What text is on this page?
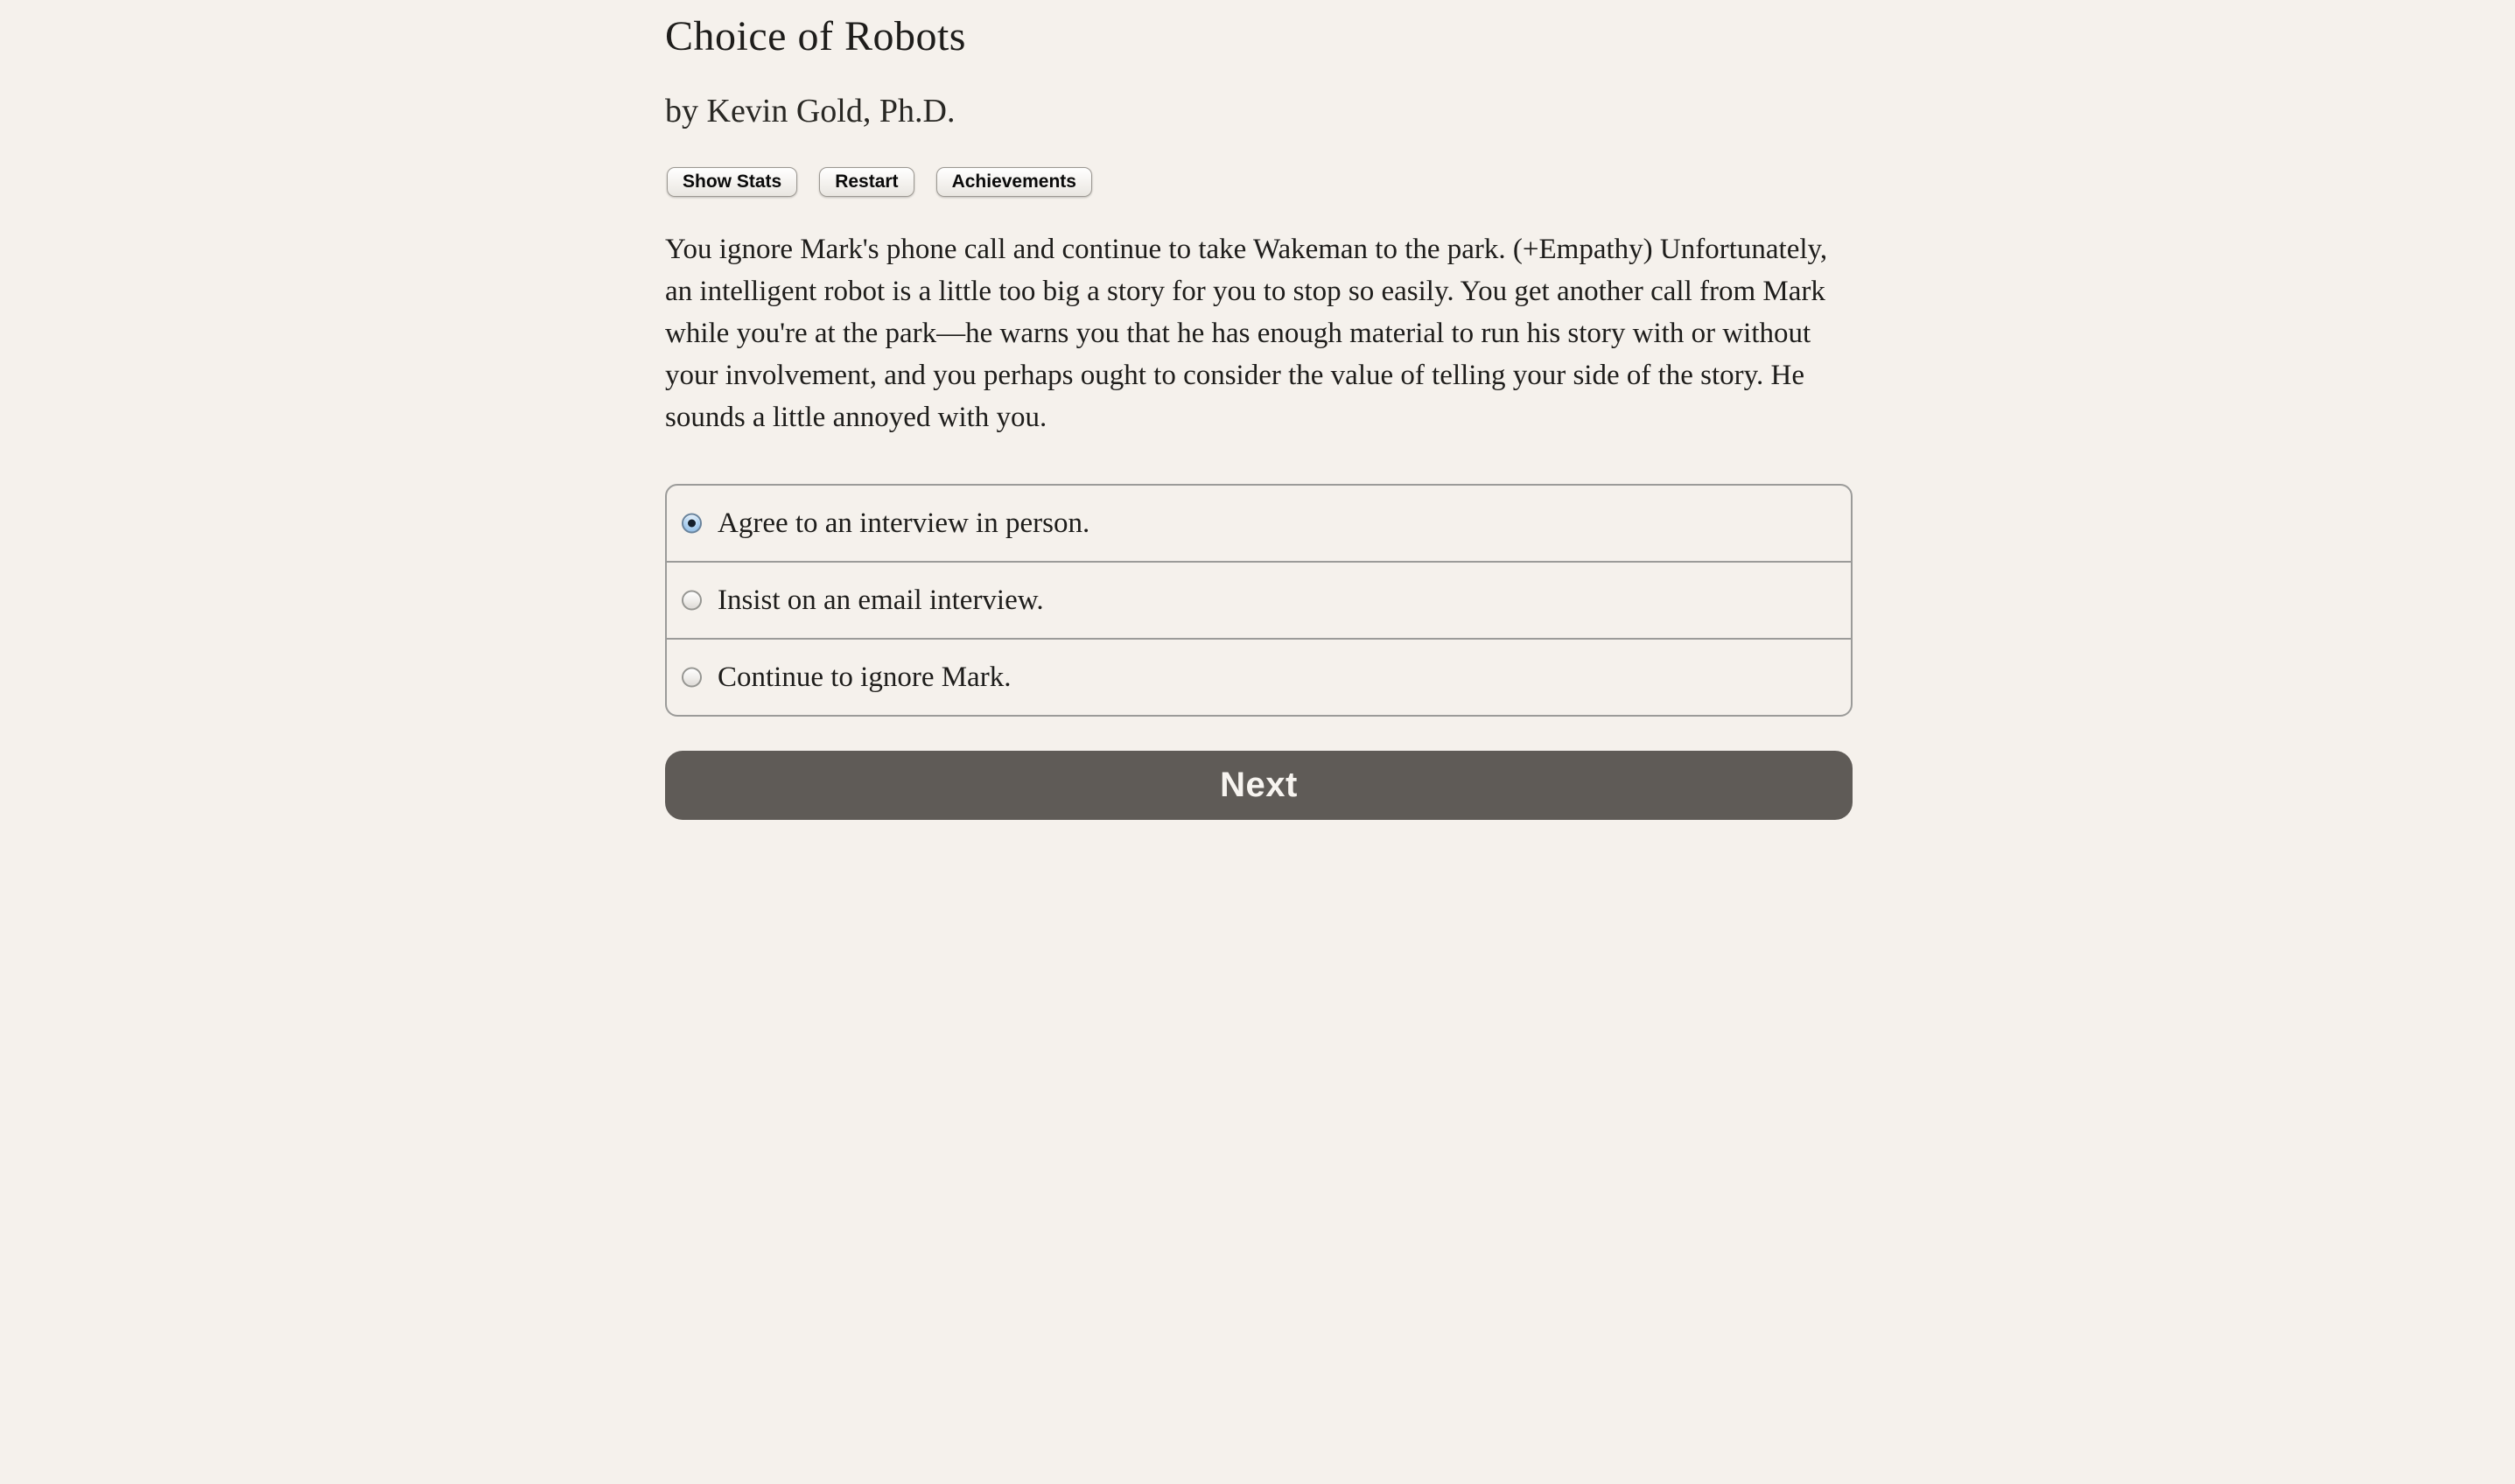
Choice of Robots
by Kevin Gold, Ph.D.
Show Stats	Restart	Achievements

You ignore Mark's phone call and continue to take Wakeman to the park. (+Empathy) Unfortunately, an intelligent robot is a little too big a story for you to stop so easily. You get another call from Mark while you're at the park—he warns you that he has enough material to run his story with or without your involvement, and you perhaps ought to consider the value of telling your side of the story. He sounds a little annoyed with you.

Agree to an interview in person.
Insist on an email interview.
Continue to ignore Mark.
Next
